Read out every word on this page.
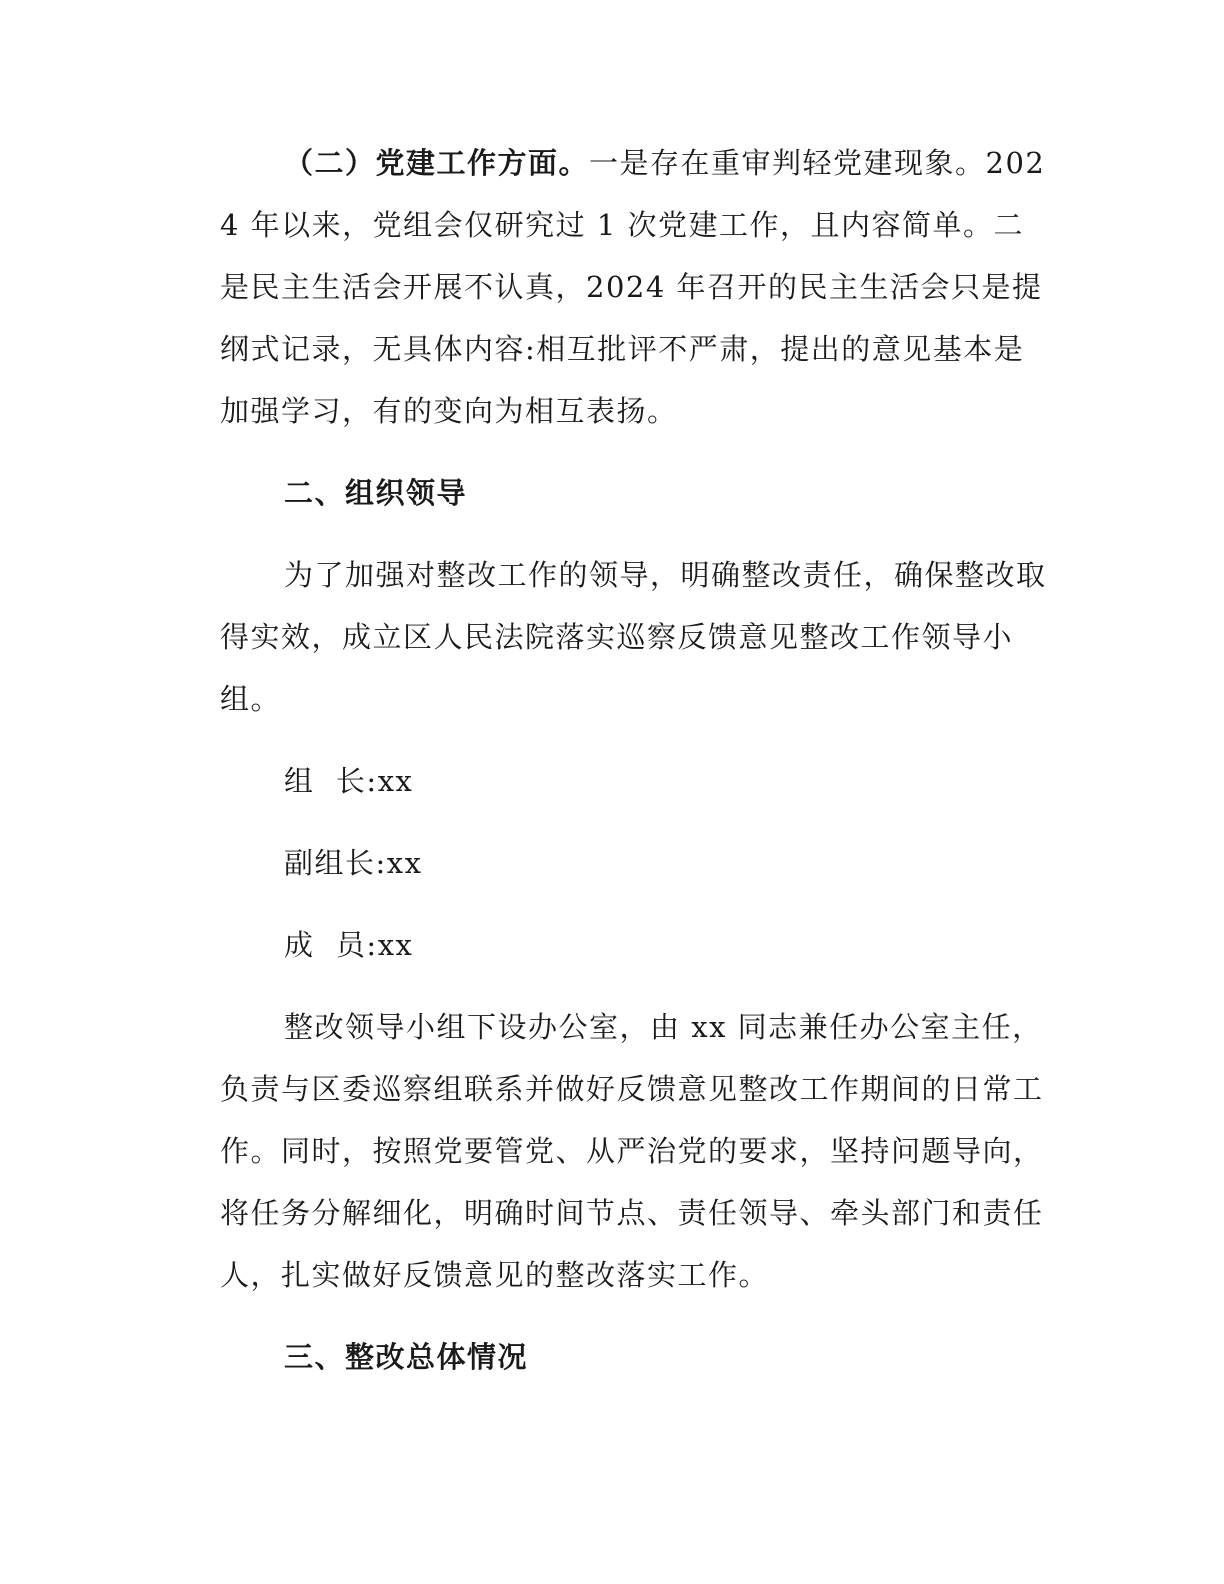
（二）党建工作方面。一是存在重审判轻党建现象。2024 年以来，党组会仅研究过 1 次党建工作，且内容简单。二是民主生活会开展不认真，2024 年召开的民主生活会只是提纲式记录，无具体内容:相互批评不严肃，提出的意见基本是加强学习，有的变向为相互表扬。

二、组织领导

为了加强对整改工作的领导，明确整改责任，确保整改取得实效，成立区人民法院落实巡察反馈意见整改工作领导小组。

组  长:xx

副组长:xx

成  员:xx

整改领导小组下设办公室，由 xx 同志兼任办公室主任，负责与区委巡察组联系并做好反馈意见整改工作期间的日常工作。同时，按照党要管党、从严治党的要求，坚持问题导向，将任务分解细化，明确时间节点、责任领导、牵头部门和责任人，扎实做好反馈意见的整改落实工作。

三、整改总体情况
